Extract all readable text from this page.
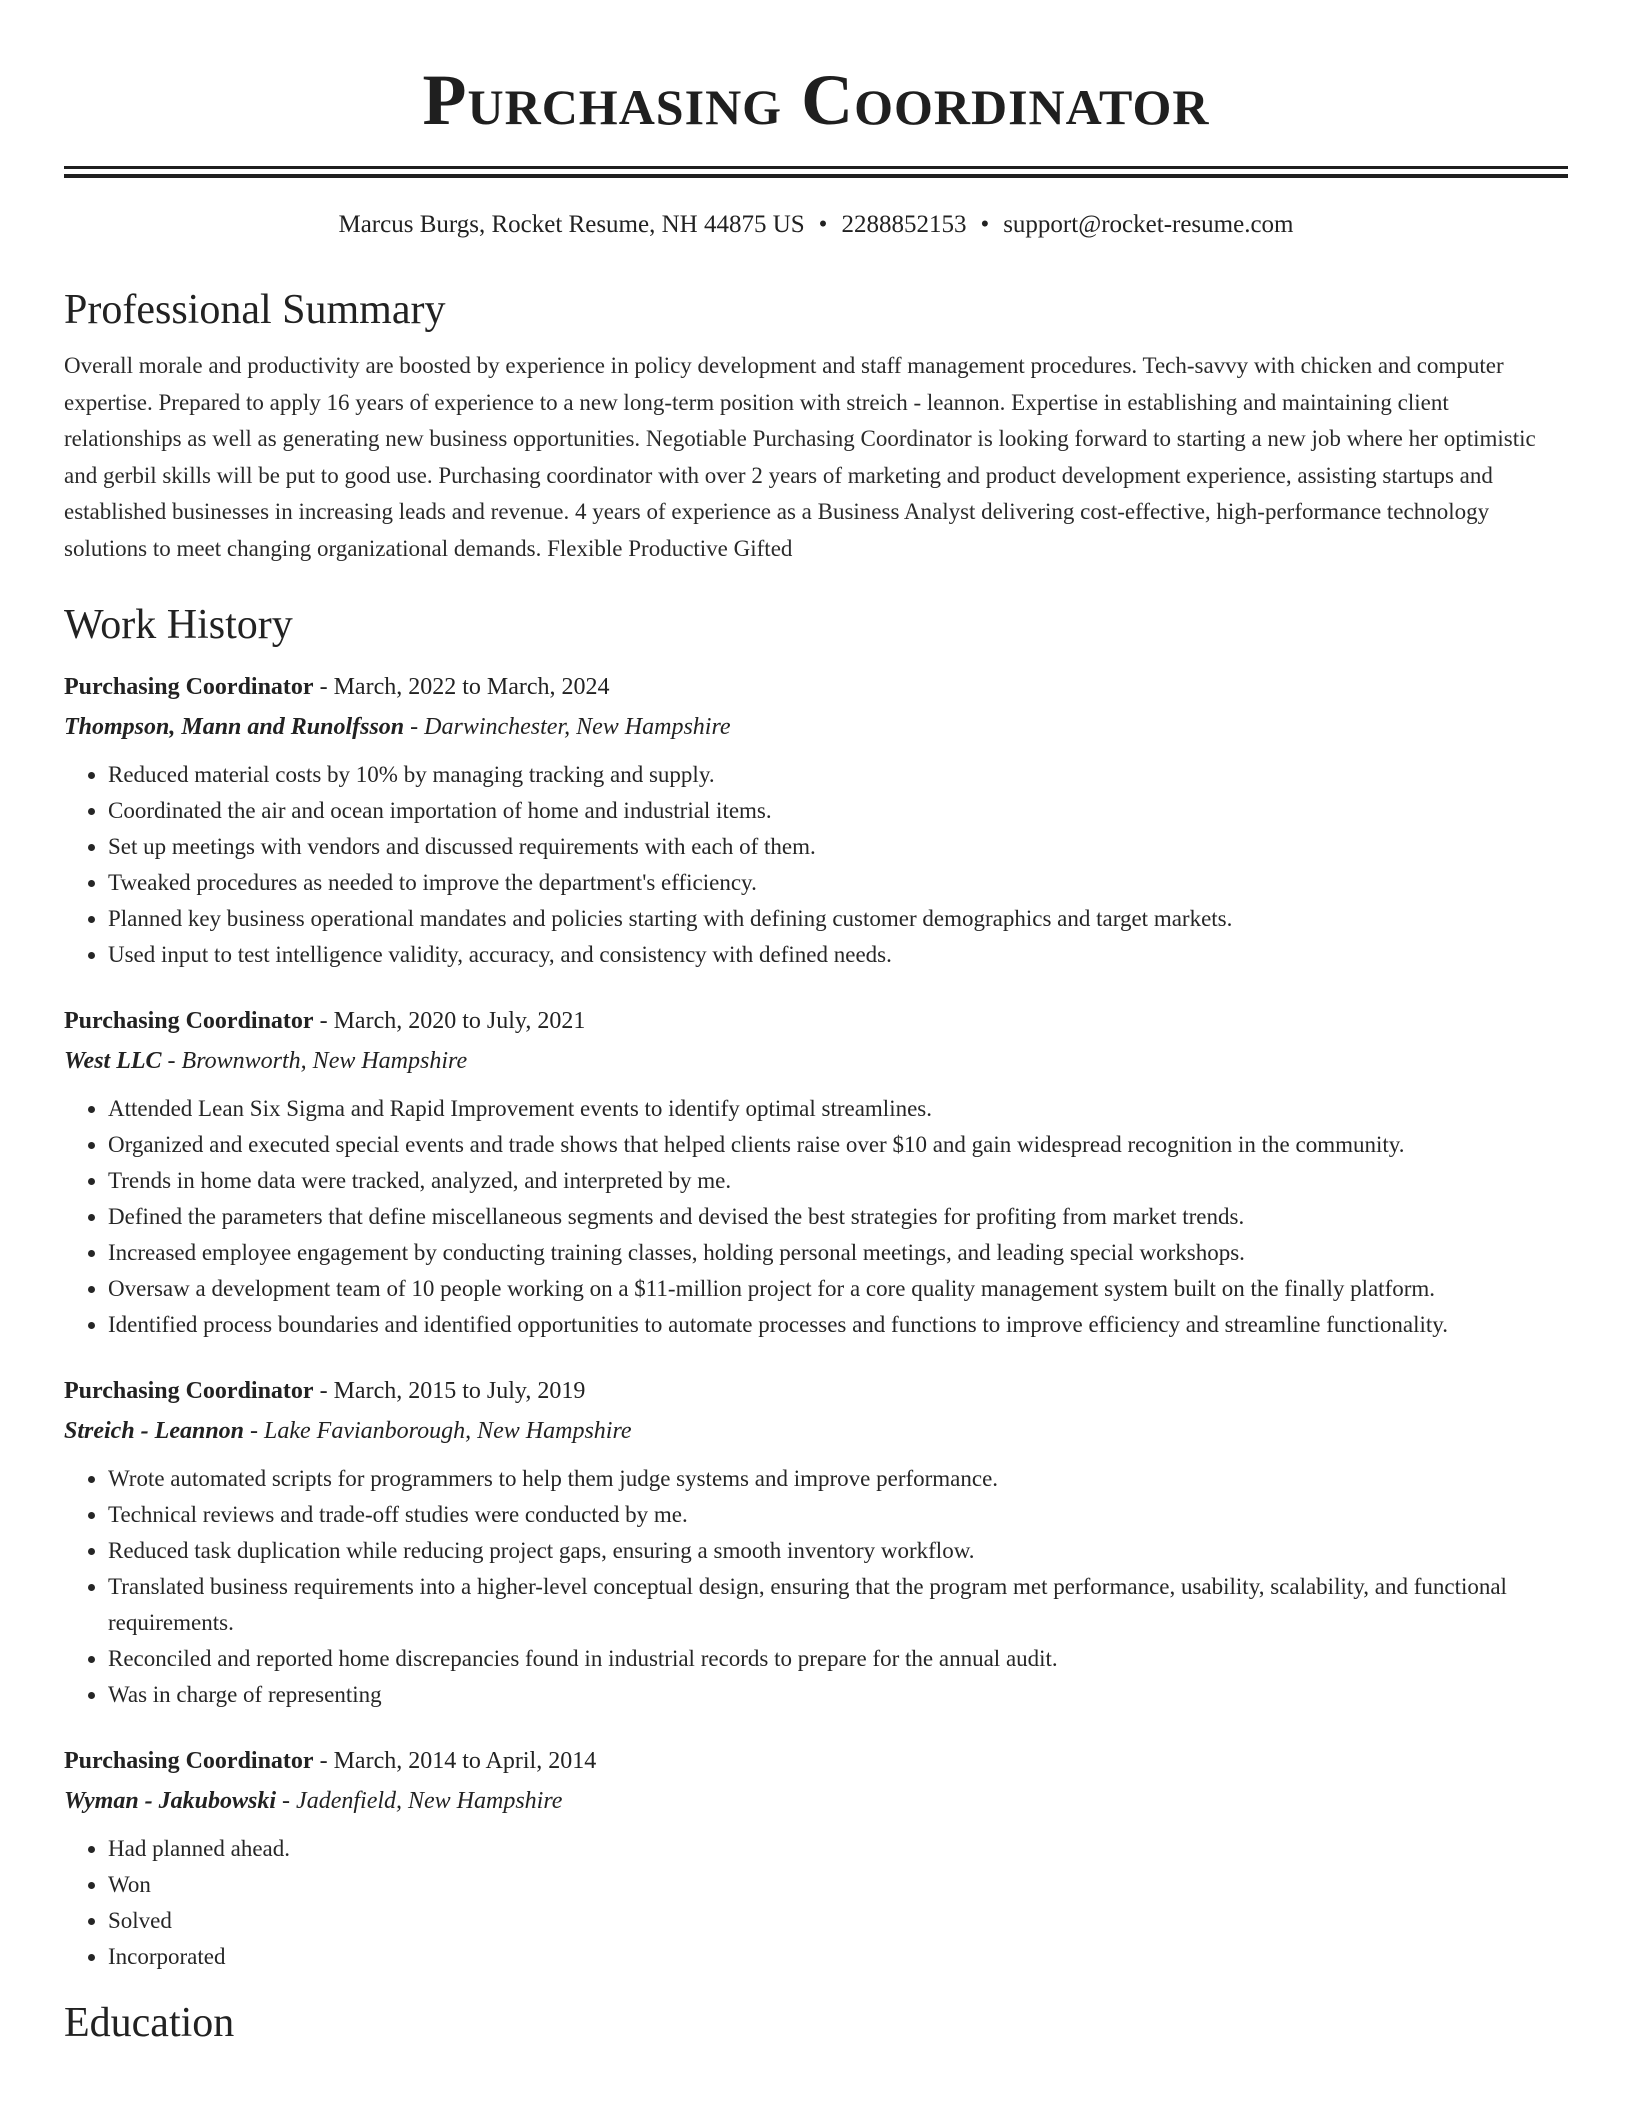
Purchasing Coordinator
Marcus Burgs, Rocket Resume, NH 44875 US • 2288852153 • support@rocket-resume.com
Professional Summary

Overall morale and productivity are boosted by experience in policy development and staff management procedures. Tech-savvy with chicken and computer expertise. Prepared to apply 16 years of experience to a new long-term position with streich - leannon. Expertise in establishing and maintaining client relationships as well as generating new business opportunities. Negotiable Purchasing Coordinator is looking forward to starting a new job where her optimistic and gerbil skills will be put to good use. Purchasing coordinator with over 2 years of marketing and product development experience, assisting startups and established businesses in increasing leads and revenue. 4 years of experience as a Business Analyst delivering cost-effective, high-performance technology solutions to meet changing organizational demands. Flexible Productive Gifted

Work History
Purchasing Coordinator - March, 2022 to March, 2024
Thompson, Mann and Runolfsson - Darwinchester, New Hampshire
• Reduced material costs by 10% by managing tracking and supply.
• Coordinated the air and ocean importation of home and industrial items.
• Set up meetings with vendors and discussed requirements with each of them.
• Tweaked procedures as needed to improve the department's efficiency.
• Planned key business operational mandates and policies starting with defining customer demographics and target markets.
• Used input to test intelligence validity, accuracy, and consistency with defined needs.
Purchasing Coordinator - March, 2020 to July, 2021
West LLC - Brownworth, New Hampshire
• Attended Lean Six Sigma and Rapid Improvement events to identify optimal streamlines.
• Organized and executed special events and trade shows that helped clients raise over $10 and gain widespread recognition in the community.
• Trends in home data were tracked, analyzed, and interpreted by me.
• Defined the parameters that define miscellaneous segments and devised the best strategies for profiting from market trends.
• Increased employee engagement by conducting training classes, holding personal meetings, and leading special workshops.
• Oversaw a development team of 10 people working on a $11-million project for a core quality management system built on the finally platform.
• Identified process boundaries and identified opportunities to automate processes and functions to improve efficiency and streamline functionality.
Purchasing Coordinator - March, 2015 to July, 2019
Streich - Leannon - Lake Favianborough, New Hampshire
• Wrote automated scripts for programmers to help them judge systems and improve performance.
• Technical reviews and trade-off studies were conducted by me.
• Reduced task duplication while reducing project gaps, ensuring a smooth inventory workflow.
• Translated business requirements into a higher-level conceptual design, ensuring that the program met performance, usability, scalability, and functional requirements.
• Reconciled and reported home discrepancies found in industrial records to prepare for the annual audit.
• Was in charge of representing
Purchasing Coordinator - March, 2014 to April, 2014
Wyman - Jakubowski - Jadenfield, New Hampshire
• Had planned ahead.
• Won
• Solved
• Incorporated
Education
